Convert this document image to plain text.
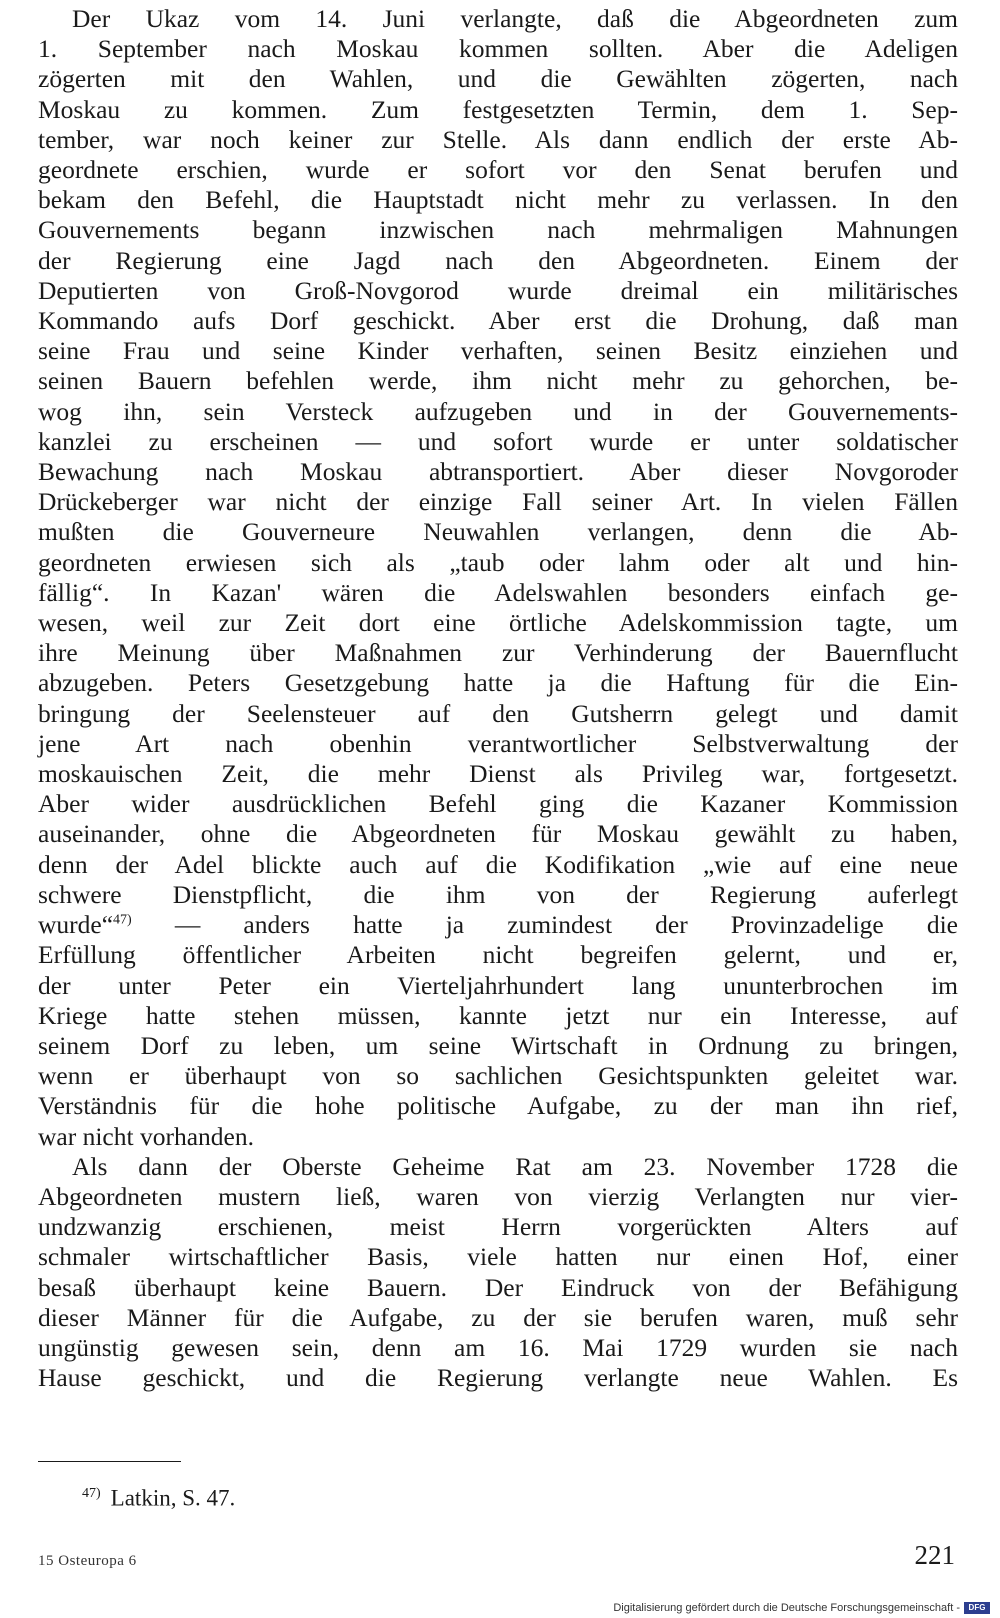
Der Ukaz vom 14. Juni verlangte, daß die Abgeordneten zum
1. September nach Moskau kommen sollten. Aber die Adeligen
zögerten mit den Wahlen, und die Gewählten zögerten, nach
Moskau zu kommen. Zum festgesetzten Termin, dem 1. Sep-
tember, war noch keiner zur Stelle. Als dann endlich der erste Ab-
geordnete erschien, wurde er sofort vor den Senat berufen und
bekam den Befehl, die Hauptstadt nicht mehr zu verlassen. In den
Gouvernements begann inzwischen nach mehrmaligen Mahnungen
der Regierung eine Jagd nach den Abgeordneten. Einem der
Deputierten von Groß-Novgorod wurde dreimal ein militärisches
Kommando aufs Dorf geschickt. Aber erst die Drohung, daß man
seine Frau und seine Kinder verhaften, seinen Besitz einziehen und
seinen Bauern befehlen werde, ihm nicht mehr zu gehorchen, be-
wog ihn, sein Versteck aufzugeben und in der Gouvernements-
kanzlei zu erscheinen — und sofort wurde er unter soldatischer
Bewachung nach Moskau abtransportiert. Aber dieser Novgoroder
Drückeberger war nicht der einzige Fall seiner Art. In vielen Fällen
mußten die Gouverneure Neuwahlen verlangen, denn die Ab-
geordneten erwiesen sich als „taub oder lahm oder alt und hin-
fällig“. In Kazan' wären die Adelswahlen besonders einfach ge-
wesen, weil zur Zeit dort eine örtliche Adelskommission tagte, um
ihre Meinung über Maßnahmen zur Verhinderung der Bauernflucht
abzugeben. Peters Gesetzgebung hatte ja die Haftung für die Ein-
bringung der Seelensteuer auf den Gutsherrn gelegt und damit
jene Art nach obenhin verantwortlicher Selbstverwaltung der
moskauischen Zeit, die mehr Dienst als Privileg war, fortgesetzt.
Aber wider ausdrücklichen Befehl ging die Kazaner Kommission
auseinander, ohne die Abgeordneten für Moskau gewählt zu haben,
denn der Adel blickte auch auf die Kodifikation „wie auf eine neue
schwere Dienstpflicht, die ihm von der Regierung auferlegt
wurde“$^{47)}$ — anders hatte ja zumindest der Provinzadelige die
Erfüllung öffentlicher Arbeiten nicht begreifen gelernt, und er,
der unter Peter ein Vierteljahrhundert lang ununterbrochen im
Kriege hatte stehen müssen, kannte jetzt nur ein Interesse, auf
seinem Dorf zu leben, um seine Wirtschaft in Ordnung zu bringen,
wenn er überhaupt von so sachlichen Gesichtspunkten geleitet war.
Verständnis für die hohe politische Aufgabe, zu der man ihn rief,
war nicht vorhanden.
Als dann der Oberste Geheime Rat am 23. November 1728 die
Abgeordneten mustern ließ, waren von vierzig Verlangten nur vier-
undzwanzig erschienen, meist Herrn vorgerückten Alters auf
schmaler wirtschaftlicher Basis, viele hatten nur einen Hof, einer
besaß überhaupt keine Bauern. Der Eindruck von der Befähigung
dieser Männer für die Aufgabe, zu der sie berufen waren, muß sehr
ungünstig gewesen sein, denn am 16. Mai 1729 wurden sie nach
Hause geschickt, und die Regierung verlangte neue Wahlen. Es
$^{47)}$ Latkin, S. 47.
15 Osteuropa 6	221
Digitalisierung gefördert durch die Deutsche Forschungsgemeinschaft -	DFG
